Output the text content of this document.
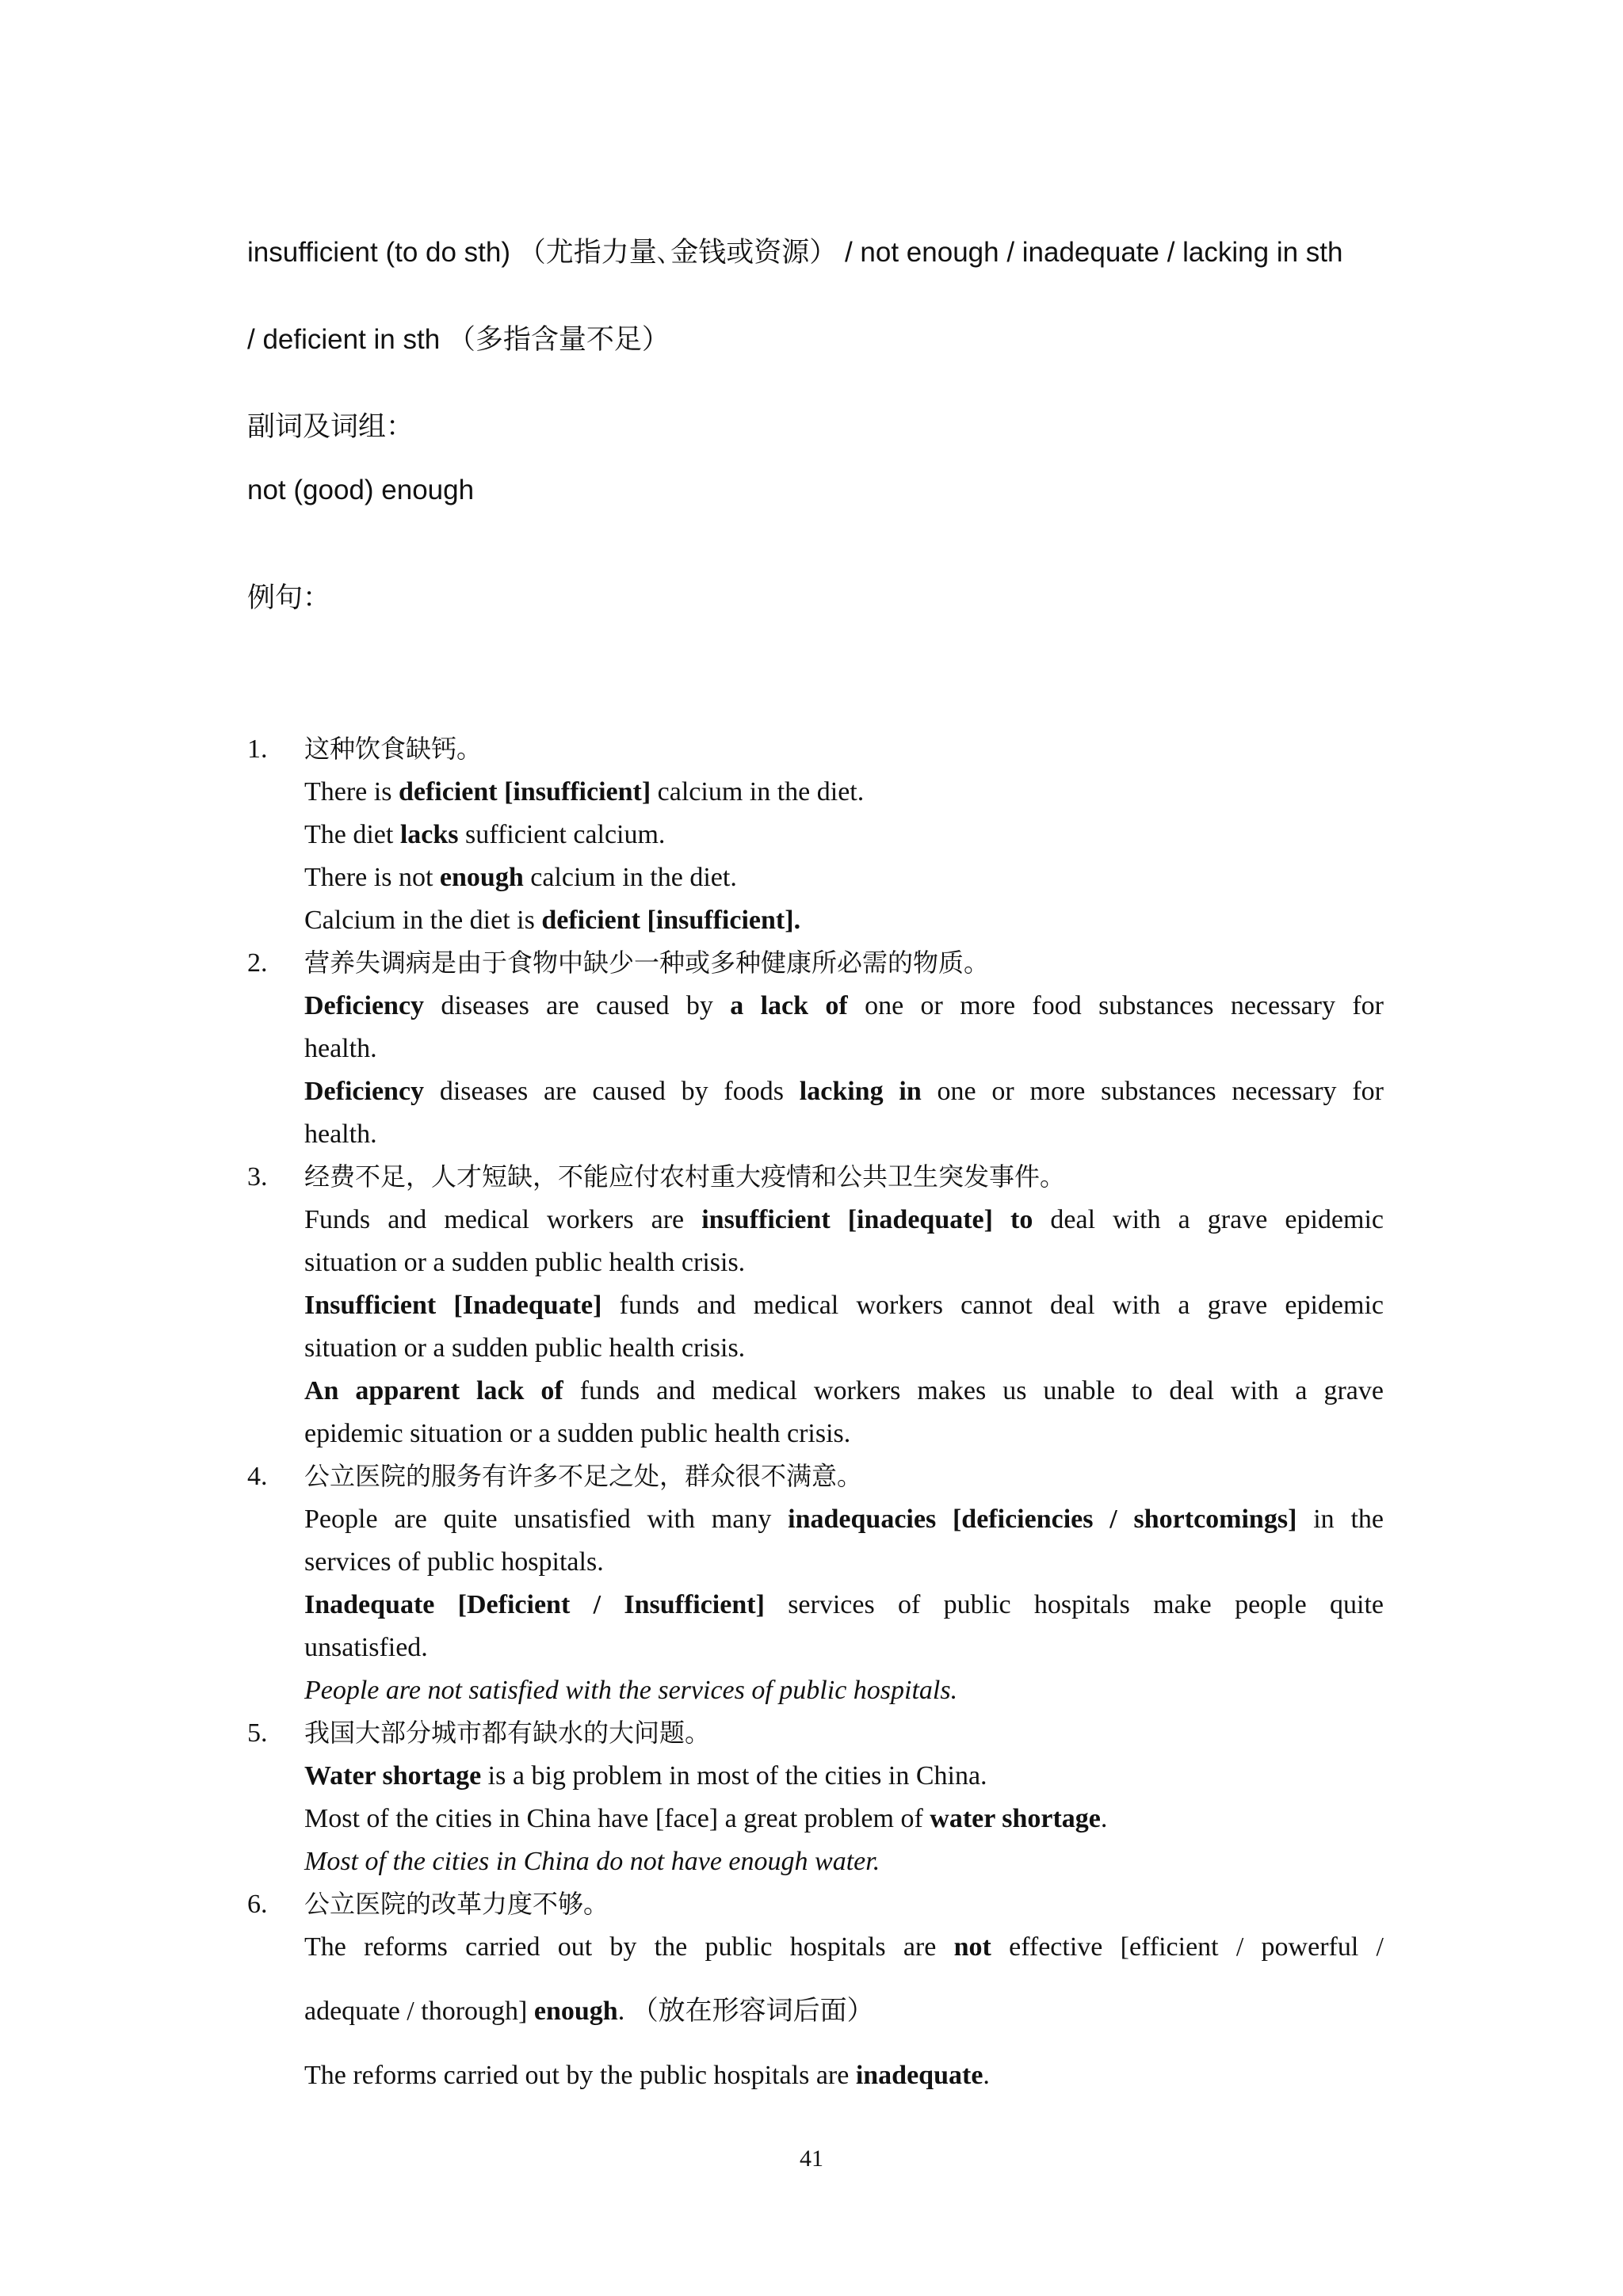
insufficient (to do sth) （尤指力量､金钱或资源） / not enough / inadequate / lacking in sth
/ deficient in sth （多指含量不足）
副词及词组：
not (good) enough
例句：
1. 这种饮食缺钙。
There is deficient [insufficient] calcium in the diet.
The diet lacks sufficient calcium.
There is not enough calcium in the diet.
Calcium in the diet is deficient [insufficient].
2. 营养失调病是由于食物中缺少一种或多种健康所必需的物质。
Deficiency diseases are caused by a lack of one or more food substances necessary for
health.
Deficiency diseases are caused by foods lacking in one or more substances necessary for
health.
3. 经费不足，人才短缺，不能应付农村重大疫情和公共卫生突发事件。
Funds and medical workers are insufficient [inadequate] to deal with a grave epidemic
situation or a sudden public health crisis.
Insufficient [Inadequate] funds and medical workers cannot deal with a grave epidemic
situation or a sudden public health crisis.
An apparent lack of funds and medical workers makes us unable to deal with a grave
epidemic situation or a sudden public health crisis.
4. 公立医院的服务有许多不足之处，群众很不满意。
People are quite unsatisfied with many inadequacies [deficiencies / shortcomings] in the
services of public hospitals.
Inadequate [Deficient / Insufficient] services of public hospitals make people quite
unsatisfied.
People are not satisfied with the services of public hospitals.
5. 我国大部分城市都有缺水的大问题。
Water shortage is a big problem in most of the cities in China.
Most of the cities in China have [face] a great problem of water shortage.
Most of the cities in China do not have enough water.
6. 公立医院的改革力度不够。
The reforms carried out by the public hospitals are not effective [efficient / powerful /
adequate / thorough] enough. （放在形容词后面）
The reforms carried out by the public hospitals are inadequate.
41
